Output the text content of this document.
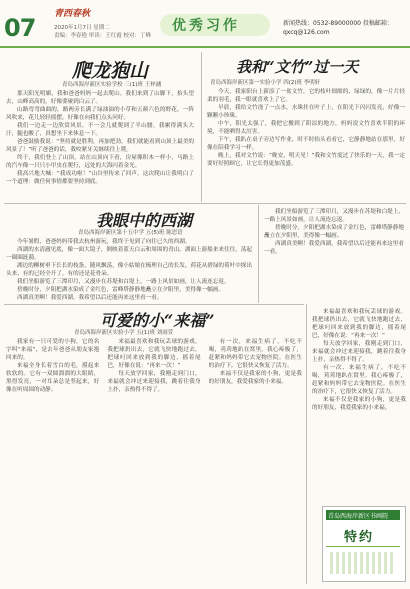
07 青西春秋
2020年1月7日 星期二
责编：李春艳 审读：王红霞 校对：丁峰
优秀习作	新闻热线：0532-89000000 投稿邮箱：qxcq@126.com
爬龙狍山
青岛西海岸新区实验学校 三(1)班 王梓涵

那天阳光明媚，我和爸爸妈妈一起去爬山。我们来到了山脚下，抬头望去，山峰高高的，好像要碰到白云了。

山路弯弯曲曲的，路两旁长满了绿油油的小草和五颜六色的野花，一阵风吹来，花儿轻轻摇摆，好像在向我们点头问好。

我们一边走一边欣赏风景，不一会儿就爬到了半山腰。我累得满头大汗，腿也酸了，真想坐下来休息一下。

爸爸鼓励我说：“坚持就是胜利，再加把劲，我们就能看到山顶上最美的风景了！”听了爸爸的话，我咬紧牙关继续往上爬。

终于，我们登上了山顶。站在山顶向下看，房屋像积木一样小，马路上的汽车像一只只小甲虫在爬行，远处的大海闪着金光。

我高兴地大喊：“我成功啦！”山谷里传来了回声。这次爬山让我明白了一个道理：做任何事情都要坚持到底。

我和“文竹”过一天
青岛西海岸新区第一实验小学 四(2)班 李明轩

今天，我家阳台上新添了一盆文竹，它的枝叶细细的、绿绿的，像一片片轻柔的羽毛，我一眼就喜欢上了它。

早晨，我给文竹浇了一点水，水珠挂在叶子上，在阳光下闪闪发亮，好像一颗颗小珍珠。

中午，阳光太强了，我把它搬到了阴凉的地方，妈妈说文竹喜欢半阴的环境，不能晒得太厉害。

下午，我趴在桌子旁边写作业，时不时抬头看看它，它静静地站在那里，好像在陪我学习一样。

晚上，我对文竹说：“晚安，明天见！”我和文竹度过了快乐的一天，我一定要好好照顾它，让它长得更加茂盛。

我眼中的西湖
青岛西海岸新区第十五中学 五(5)班 陈思语

今年暑假，爸爸妈妈带我去杭州游玩，我终于见到了向往已久的西湖。

西湖的水清澈见底，像一面大镜子，倒映着蓝天白云和周围的青山。湖面上游船来来往往，荡起一圈圈涟漪。

湖边的柳树垂下长长的枝条，随风飘荡，像小姑娘在梳理自己的长发。荷花从碧绿的荷叶中探出头来，有的已经全开了，有的还是花骨朵。

我们坐船游览了三潭印月，又漫步在苏堤和白堤上，一路上风景如画，让人流连忘返。

傍晚时分，夕阳把湖水染成了金红色，雷峰塔静静地矗立在夕阳里，美得像一幅画。

西湖真美啊！我爱西湖，我希望以后还能再来这里看一看。

我们坐船游览了三潭印月，又漫步在苏堤和白堤上，一路上风景如画，让人流连忘返。

傍晚时分，夕阳把湖水染成了金红色，雷峰塔静静地矗立在夕阳里，美得像一幅画。

西湖真美啊！我爱西湖，我希望以后还能再来这里看一看。

可爱的小“来福”
青岛西海岸新区实验小学 五(1)班 刘雨萱

我家有一只可爱的小狗，它的名字叫“来福”，是去年爸爸从朋友家抱回来的。

来福全身长着雪白的毛，摸起来软软的。它有一双圆溜溜的大眼睛，黑得发亮，一对耳朵总是竖起来，好像在听周围的动静。

来福最喜欢和我玩丢球的游戏。我把球扔出去，它就飞快地跑过去，把球叼回来放到我的脚边，摇着尾巴，好像在说：“再来一次！”

每天放学回家，我刚走到门口，来福就会冲过来迎接我，跳着往我身上扑，亲热得不得了。

有一次，来福生病了，不吃不喝，蔫蔫地趴在窝里。我心疼极了，赶紧和妈妈带它去宠物医院。在医生的治疗下，它很快又恢复了活力。

来福不仅是我家的小狗，更是我的好朋友，我爱我家的小来福。

来福最喜欢和我玩丢球的游戏。我把球扔出去，它就飞快地跑过去，把球叼回来放到我的脚边，摇着尾巴，好像在说：“再来一次！”

每天放学回家，我刚走到门口，来福就会冲过来迎接我，跳着往我身上扑，亲热得不得了。

有一次，来福生病了，不吃不喝，蔫蔫地趴在窝里。我心疼极了，赶紧和妈妈带它去宠物医院。在医生的治疗下，它很快又恢复了活力。

来福不仅是我家的小狗，更是我的好朋友，我爱我家的小来福。

青岛西海岸新区书画院
特约
